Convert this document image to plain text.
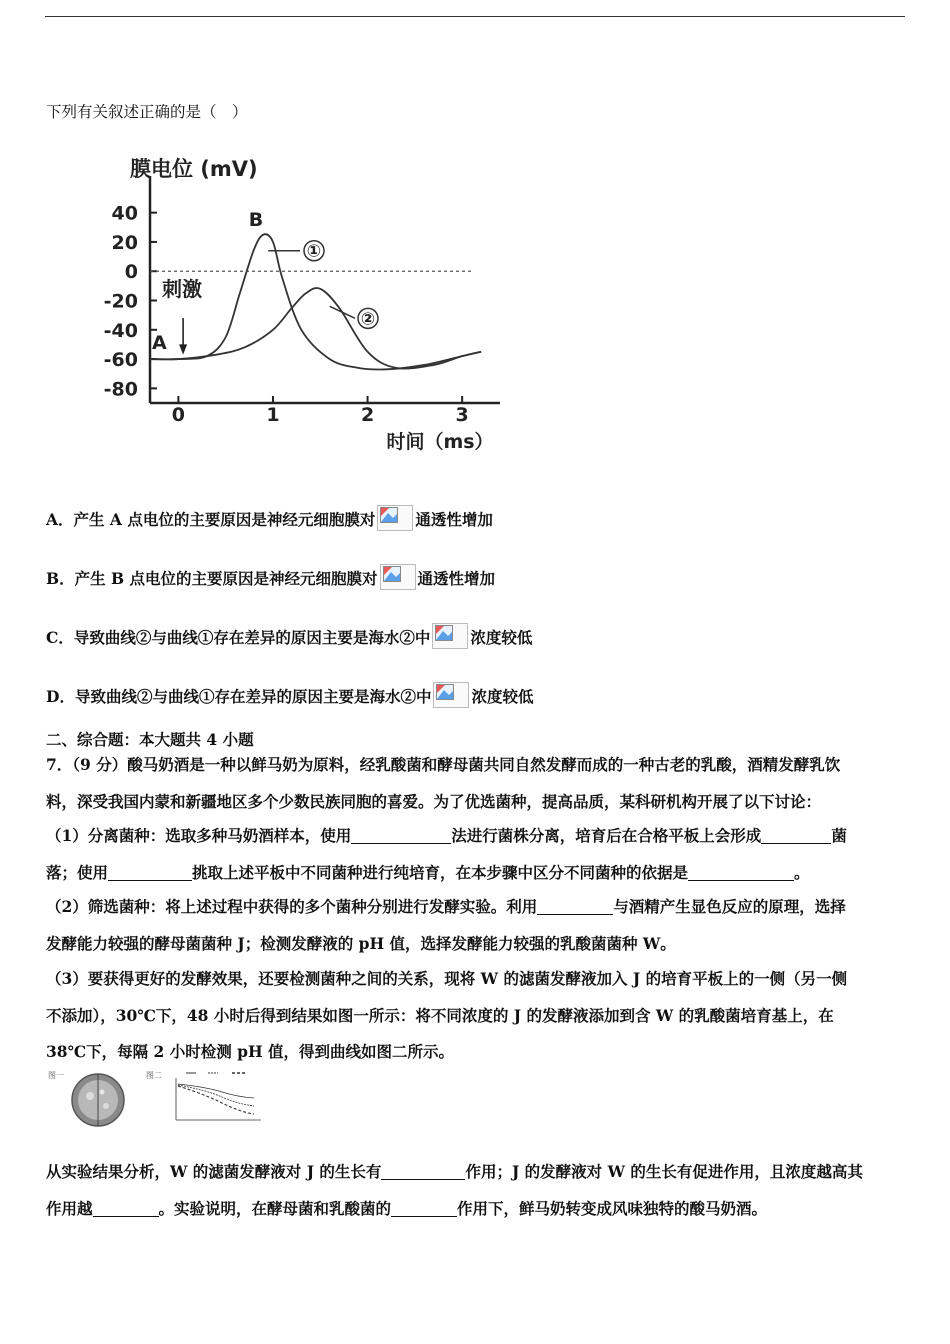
下列有关叙述正确的是（　）
膜电位 (mV)
时间（ms）
40
20
0
-20
-40
-60
-80
0	1	2	3
①
②
刺激
A
B
A．产生 A 点电位的主要原因是神经元细胞膜对	通透性增加
B．产生 B 点电位的主要原因是神经元细胞膜对	通透性增加
C．导致曲线②与曲线①存在差异的原因主要是海水②中	浓度较低
D．导致曲线②与曲线①存在差异的原因主要是海水②中	浓度较低
二、综合题：本大题共 4 小题
7．（9 分）酸马奶酒是一种以鲜马奶为原料，经乳酸菌和酵母菌共同自然发酵而成的一种古老的乳酸，酒精发酵乳饮
料，深受我国内蒙和新疆地区多个少数民族同胞的喜爱。为了优选菌种，提高品质，某科研机构开展了以下讨论：
（1）分离菌种：选取多种马奶酒样本，使用	法进行菌株分离，培育后在合格平板上会形成	菌
落；使用	挑取上述平板中不同菌种进行纯培育，在本步骤中区分不同菌种的依据是	。
（2）筛选菌种：将上述过程中获得的多个菌种分别进行发酵实验。利用	与酒精产生显色反应的原理，选择
发酵能力较强的酵母菌菌种 J；检测发酵液的 pH 值，选择发酵能力较强的乳酸菌菌种 W。
（3）要获得更好的发酵效果，还要检测菌种之间的关系，现将 W 的滤菌发酵液加入 J 的培育平板上的一侧（另一侧
不添加），30℃下，48 小时后得到结果如图一所示：将不同浓度的 J 的发酵液添加到含 W 的乳酸菌培育基上，在
38℃下，每隔 2 小时检测 pH 值，得到曲线如图二所示。
图一	图二
从实验结果分析，W 的滤菌发酵液对 J 的生长有	作用；J 的发酵液对 W 的生长有促进作用，且浓度越高其
作用越	。实验说明，在酵母菌和乳酸菌的	作用下，鲜马奶转变成风味独特的酸马奶酒。
